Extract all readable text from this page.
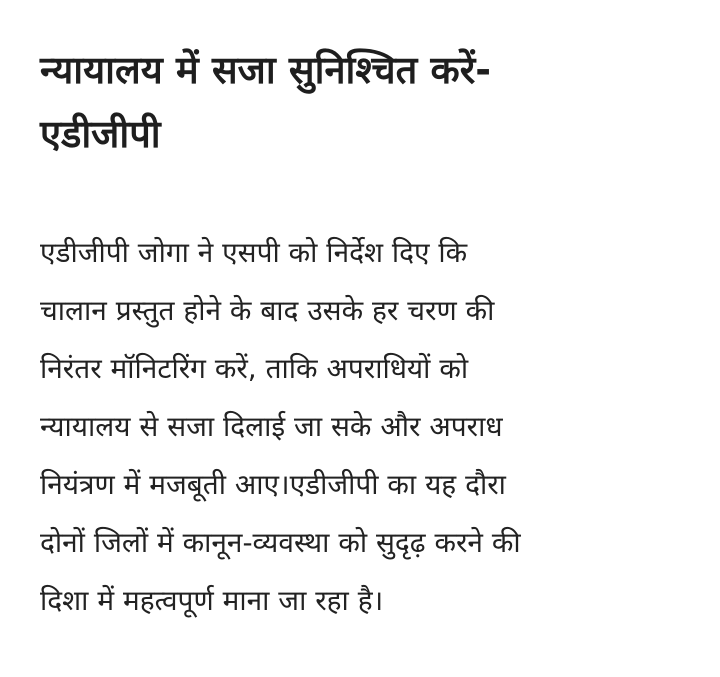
न्यायालय में सजा सुनिश्चित करें-
एडीजीपी

एडीजीपी जोगा ने एसपी को निर्देश दिए कि
चालान प्रस्तुत होने के बाद उसके हर चरण की
निरंतर मॉनिटरिंग करें, ताकि अपराधियों को
न्यायालय से सजा दिलाई जा सके और अपराध
नियंत्रण में मजबूती आए।एडीजीपी का यह दौरा
दोनों जिलों में कानून-व्यवस्था को सुदृढ़ करने की
दिशा में महत्वपूर्ण माना जा रहा है।
